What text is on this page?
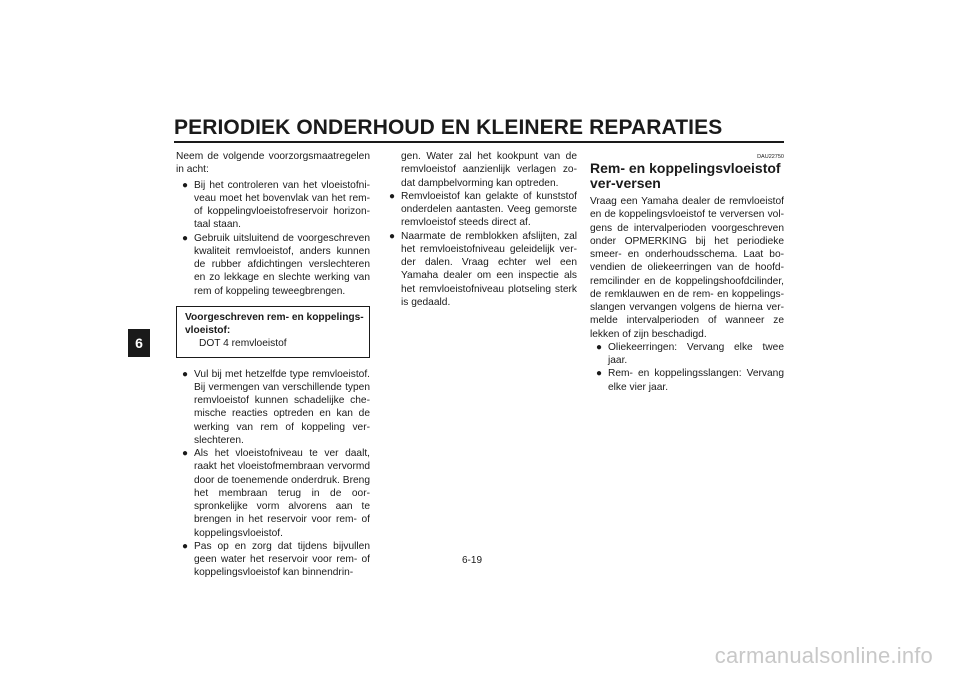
PERIODIEK ONDERHOUD EN KLEINERE REPARATIES
6

Neem de volgende voorzorgsmaatregelen in acht:

● Bij het controleren van het vloeistofni-veau moet het bovenvlak van het rem-of koppelingvloeistofreservoir horizon-taal staan.
● Gebruik uitsluitend de voorgeschreven kwaliteit remvloeistof, anders kunnen de rubber afdichtingen verslechteren en zo lekkage en slechte werking van rem of koppeling teweegbrengen.
Voorgeschreven rem- en koppelings-vloeistof:
DOT 4 remvloeistof
● Vul bij met hetzelfde type remvloeistof. Bij vermengen van verschillende typen remvloeistof kunnen schadelijke che-mische reacties optreden en kan de werking van rem of koppeling ver-slechteren.
● Als het vloeistofniveau te ver daalt, raakt het vloeistofmembraan vervormd door de toenemende onderdruk. Breng het membraan terug in de oor-spronkelijke vorm alvorens aan te brengen in het reservoir voor rem- of koppelingsvloeistof.
● Pas op en zorg dat tijdens bijvullen geen water het reservoir voor rem- of koppelingsvloeistof kan binnendrin-

gen. Water zal het kookpunt van de remvloeistof aanzienlijk verlagen zo-dat dampbelvorming kan optreden.

● Remvloeistof kan gelakte of kunststof onderdelen aantasten. Veeg gemorste remvloeistof steeds direct af.
● Naarmate de remblokken afslijten, zal het remvloeistofniveau geleidelijk ver-der dalen. Vraag echter wel een Yamaha dealer om een inspectie als het remvloeistofniveau plotseling sterk is gedaald.
DAU22750
Rem- en koppelingsvloeistof ver-versen

Vraag een Yamaha dealer de remvloeistof en de koppelingsvloeistof te verversen vol-gens de intervalperioden voorgeschreven onder OPMERKING bij het periodieke smeer- en onderhoudsschema. Laat bo-vendien de oliekeerringen van de hoofd-remcilinder en de koppelingshoofdcilinder, de remklauwen en de rem- en koppelings-slangen vervangen volgens de hierna ver-melde intervalperioden of wanneer ze lekken of zijn beschadigd.

● Oliekeerringen: Vervang elke twee jaar.
● Rem- en koppelingsslangen: Vervang elke vier jaar.
6-19
carmanualsonline.info
